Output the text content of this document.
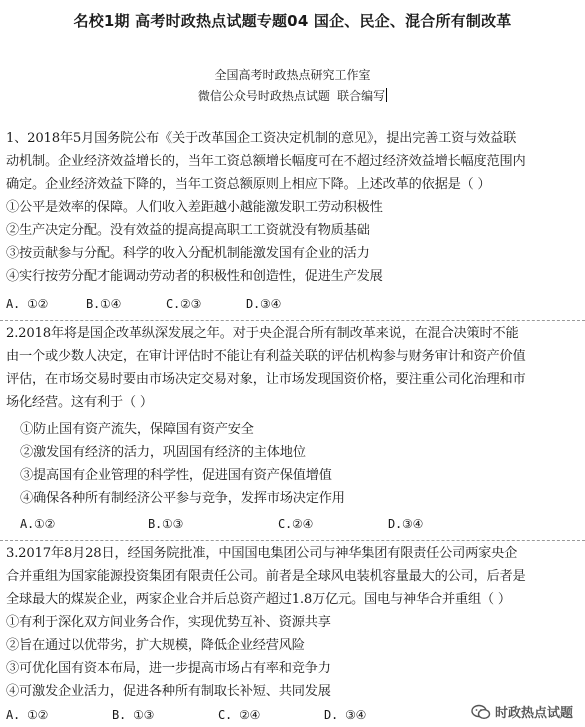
名校1期 高考时政热点试题专题04 国企、民企、混合所有制改革
全国高考时政热点研究工作室
微信公众号时政热点试题 联合编写
1、2018年5月国务院公布《关于改革国企工资决定机制的意见》，提出完善工资与效益联
动机制。企业经济效益增长的，当年工资总额增长幅度可在不超过经济效益增长幅度范围内
确定。企业经济效益下降的，当年工资总额原则上相应下降。上述改革的依据是（ ）
①公平是效率的保障。人们收入差距越小越能激发职工劳动积极性
②生产决定分配。没有效益的提高提高职工工资就没有物质基础
③按贡献参与分配。科学的收入分配机制能激发国有企业的活力
④实行按劳分配才能调动劳动者的积极性和创造性，促进生产发展
A. ①②	B.①④	C.②③	D.③④
2.2018年将是国企改革纵深发展之年。对于央企混合所有制改革来说，在混合决策时不能
由一个或少数人决定，在审计评估时不能让有利益关联的评估机构参与财务审计和资产价值
评估，在市场交易时要由市场决定交易对象，让市场发现国资价格，要注重公司化治理和市
场化经营。这有利于（ ）
①防止国有资产流失，保障国有资产安全
②激发国有经济的活力，巩固国有经济的主体地位
③提高国有企业管理的科学性，促进国有资产保值增值
④确保各种所有制经济公平参与竞争，发挥市场决定作用
A.①②	B.①③	C.②④	D.③④
3.2017年8月28日，经国务院批准，中国国电集团公司与神华集团有限责任公司两家央企
合并重组为国家能源投资集团有限责任公司。前者是全球风电装机容量最大的公司，后者是
全球最大的煤炭企业，两家企业合并后总资产超过1.8万亿元。国电与神华合并重组（ ）
①有利于深化双方间业务合作，实现优势互补、资源共享
②旨在通过以优带劣，扩大规模，降低企业经营风险
③可优化国有资本布局，进一步提高市场占有率和竞争力
④可激发企业活力，促进各种所有制取长补短、共同发展
A. ①②	B. ①③	C. ②④	D. ③④	时政热点试题
